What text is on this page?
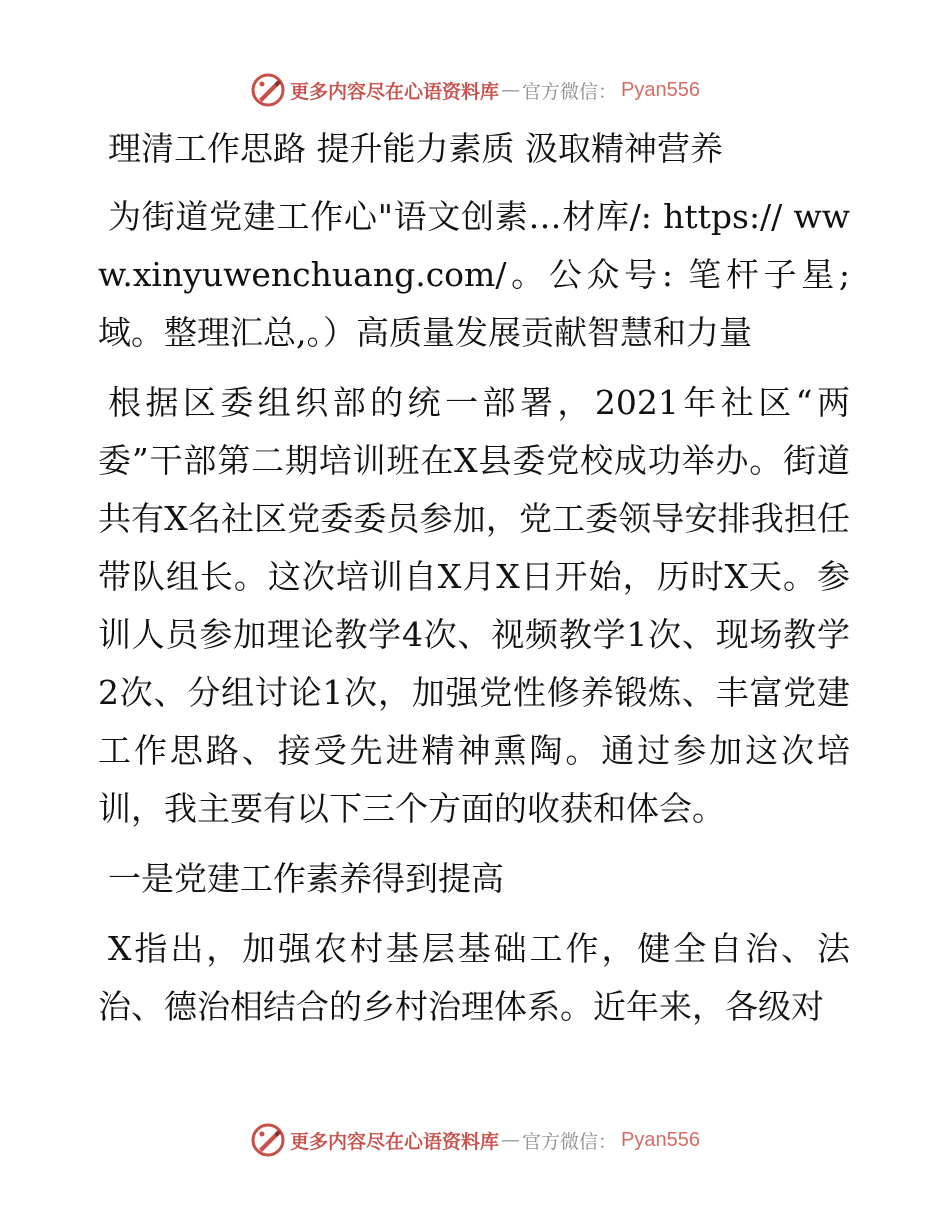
更多内容尽在心语资料库 — 官方微信： Pyan556

理清工作思路 提升能力素质 汲取精神营养

为街道党建工作心"语文创素…材库/: https:// www.xinyuwenchuang.com/。公众号: 笔杆子星; 域。整理汇总,。）高质量发展贡献智慧和力量

根据区委组织部的统一部署，2021年社区“两委”干部第二期培训班在X县委党校成功举办。街道共有X名社区党委委员参加，党工委领导安排我担任带队组长。这次培训自X月X日开始，历时X天。参训人员参加理论教学4次、视频教学1次、现场教学2次、分组讨论1次，加强党性修养锻炼、丰富党建工作思路、接受先进精神熏陶。通过参加这次培训，我主要有以下三个方面的收获和体会。

一是党建工作素养得到提高

X指出，加强农村基层基础工作，健全自治、法治、德治相结合的乡村治理体系。近年来，各级对

更多内容尽在心语资料库 — 官方微信： Pyan556
